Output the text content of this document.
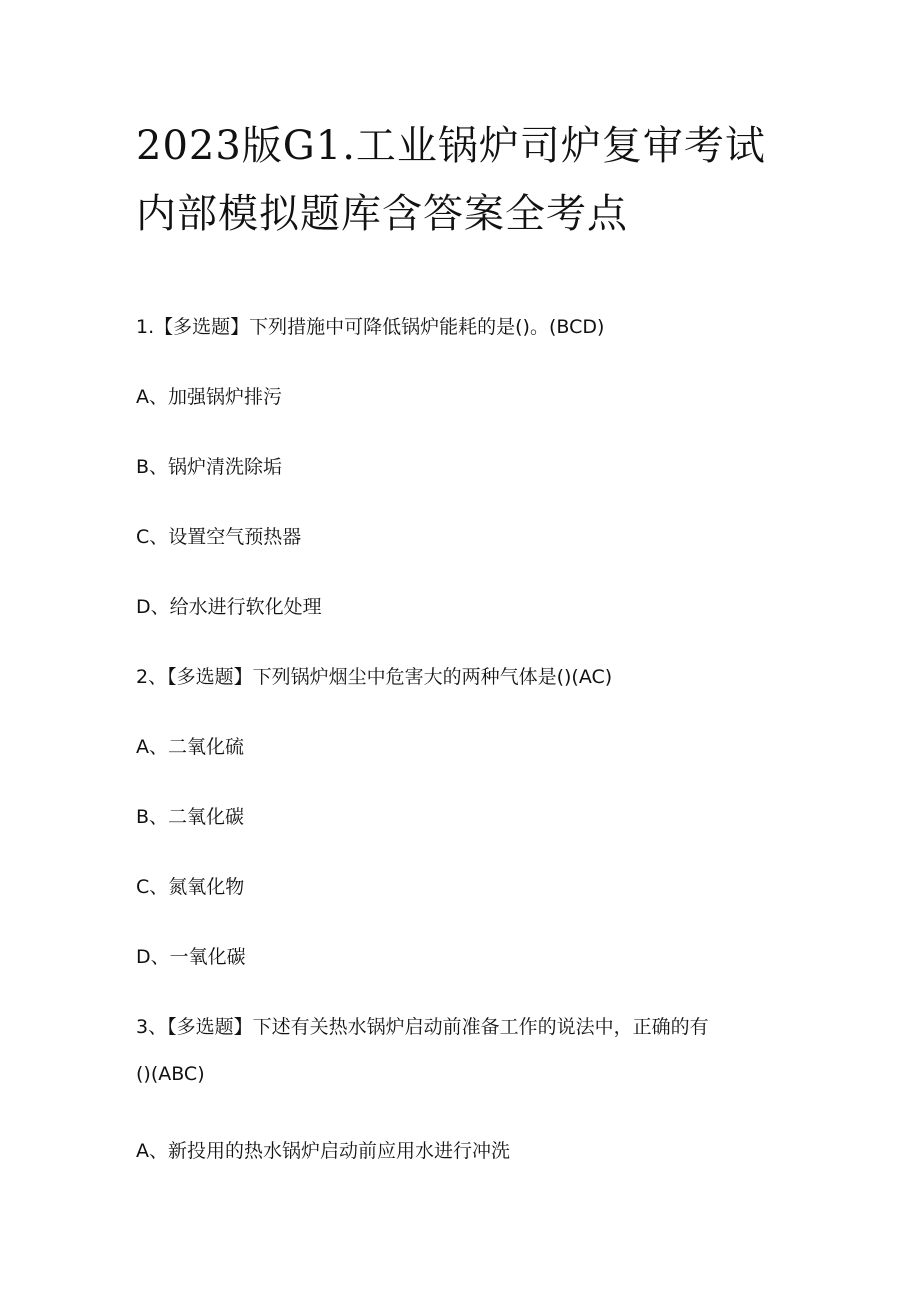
2023版G1.工业锅炉司炉复审考试
内部模拟题库含答案全考点

1.【多选题】下列措施中可降低锅炉能耗的是()。(BCD)

A、加强锅炉排污

B、锅炉清洗除垢

C、设置空气预热器

D、给水进行软化处理

2、【多选题】下列锅炉烟尘中危害大的两种气体是()(AC)

A、二氧化硫

B、二氧化碳

C、氮氧化物

D、一氧化碳

3、【多选题】下述有关热水锅炉启动前准备工作的说法中，正确的有

()(ABC)

A、新投用的热水锅炉启动前应用水进行冲洗
